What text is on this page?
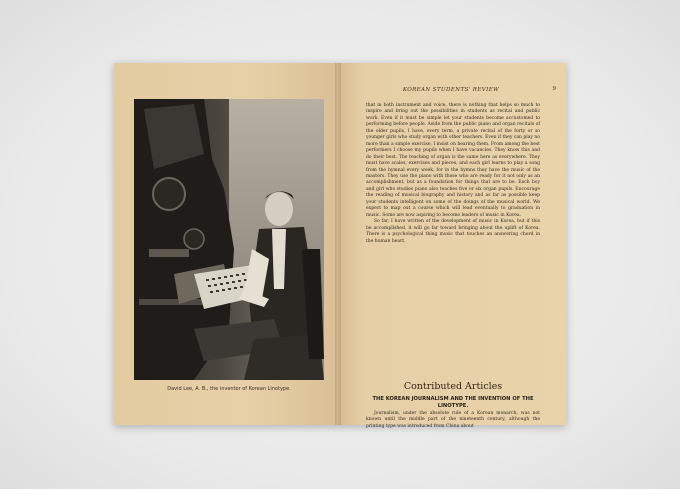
David Lee, A. B., the inventor of Korean Linotype.
KOREAN STUDENTS' REVIEW	9

that in both instrument and voice, there is nothing that helps so much to inspire and bring out the possibilities in students as recital and public work. Even if it must be simple let your students become accustomed to performing before people. Aside from the public piano and organ recitals of the older pupils, I have, every term, a private recital of the forty or so younger girls who study organ with other teachers. Even if they can play no more than a simple exercise, I insist on hearing them. From among the best performers I choose my pupils when I have vacancies. They know this and do their best. The teaching of organ is the same here as everywhere. They must have scales, exercises and pieces, and each girl learns to play a song from the hymnal every week, for in the hymns they have the music of the masters. They use the piano with those who are ready for it not only as an accomplishment, but as a foundation for things that are to be. Each boy and girl who studies piano also teaches five or six organ pupils. Encourage the reading of musical biography and history and as far as possible keep your students intelligent on some of the doings of the musical world. We expect to map out a course which will lead eventually to graduation in music. Some are now aspiring to become leaders of music in Korea.

So far, I have written of the development of music in Korea, but if this be accomplished, it will go far toward bringing about the uplift of Korea. There is a psychological thing music that touches an answering chord in the human heart.

Contributed Articles
THE KOREAN JOURNALISM AND THE INVENTION OF THE LINOTYPE.

Journalism, under the absolute rule of a Korean monarch, was not known until the middle part of the nineteenth century, although the printing type was introduced from China about
